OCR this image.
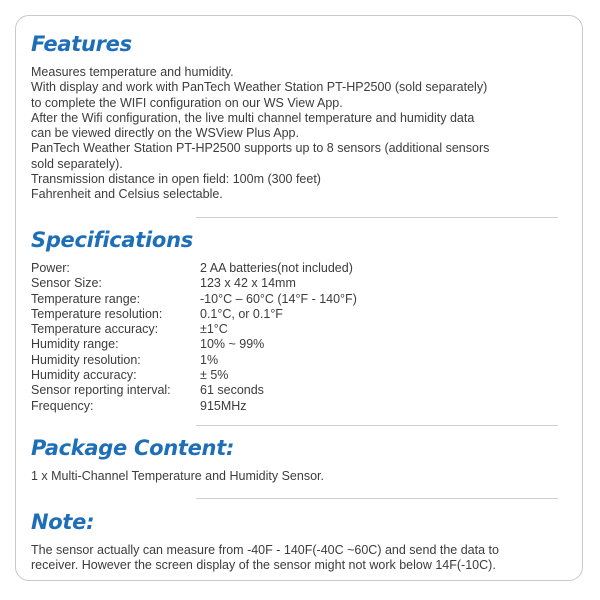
Features

Measures temperature and humidity.

With display and work with PanTech Weather Station PT-HP2500 (sold separately)

to complete the WIFI configuration on our WS View App.

After the Wifi configuration, the live multi channel temperature and humidity data

can be viewed directly on the WSView Plus App.

PanTech Weather Station PT-HP2500 supports up to 8 sensors (additional sensors

sold separately).

Transmission distance in open field: 100m (300 feet)

Fahrenheit and Celsius selectable.

Specifications
Power:	2 AA batteries(not included)
Sensor Size:	123 x 42 x 14mm
Temperature range:	-10°C – 60°C (14°F - 140°F)
Temperature resolution:	0.1°C, or 0.1°F
Temperature accuracy:	±1°C
Humidity range:	10% ~ 99%
Humidity resolution:	1%
Humidity accuracy:	± 5%
Sensor reporting interval:	61 seconds
Frequency:	915MHz
Package Content:
1 x Multi-Channel Temperature and Humidity Sensor.
Note:

The sensor actually can measure from -40F - 140F(-40C ~60C) and send the data to

receiver. However the screen display of the sensor might not work below 14F(-10C).
